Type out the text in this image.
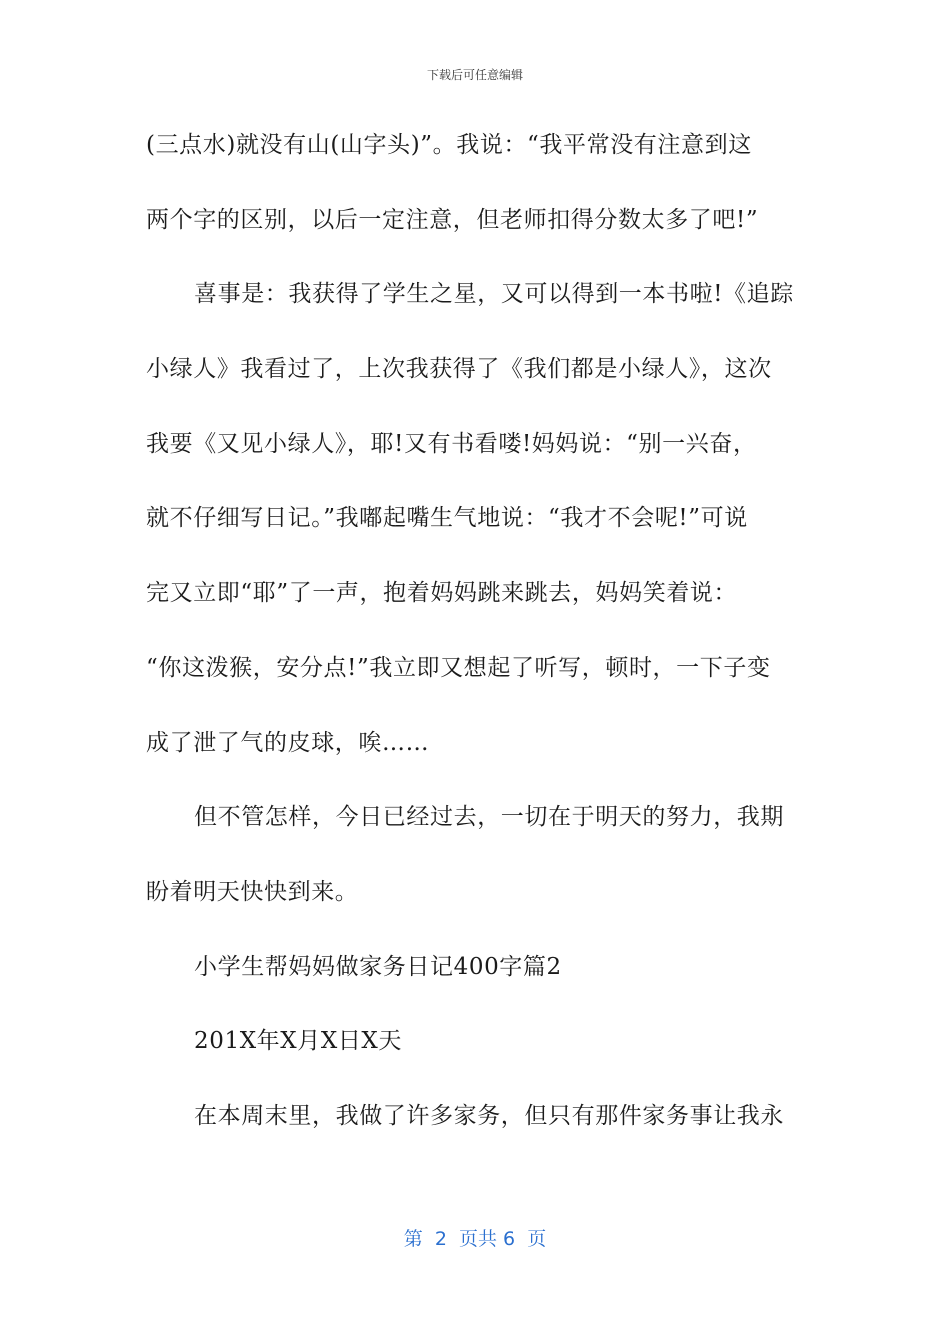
下载后可任意编辑
(三点水)就没有山(山字头)”。我说：“我平常没有注意到这
两个字的区别，以后一定注意，但老师扣得分数太多了吧!”
喜事是：我获得了学生之星，又可以得到一本书啦!《追踪
小绿人》我看过了，上次我获得了《我们都是小绿人》，这次
我要《又见小绿人》，耶!又有书看喽!妈妈说：“别一兴奋，
就不仔细写日记。”我嘟起嘴生气地说：“我才不会呢!”可说
完又立即“耶”了一声，抱着妈妈跳来跳去，妈妈笑着说：
“你这泼猴，安分点!”我立即又想起了听写，顿时，一下子变
成了泄了气的皮球，唉……
但不管怎样，今日已经过去，一切在于明天的努力，我期
盼着明天快快到来。
小学生帮妈妈做家务日记400字篇2
201X年X月X日X天
在本周末里，我做了许多家务，但只有那件家务事让我永
第  2  页共 6  页
